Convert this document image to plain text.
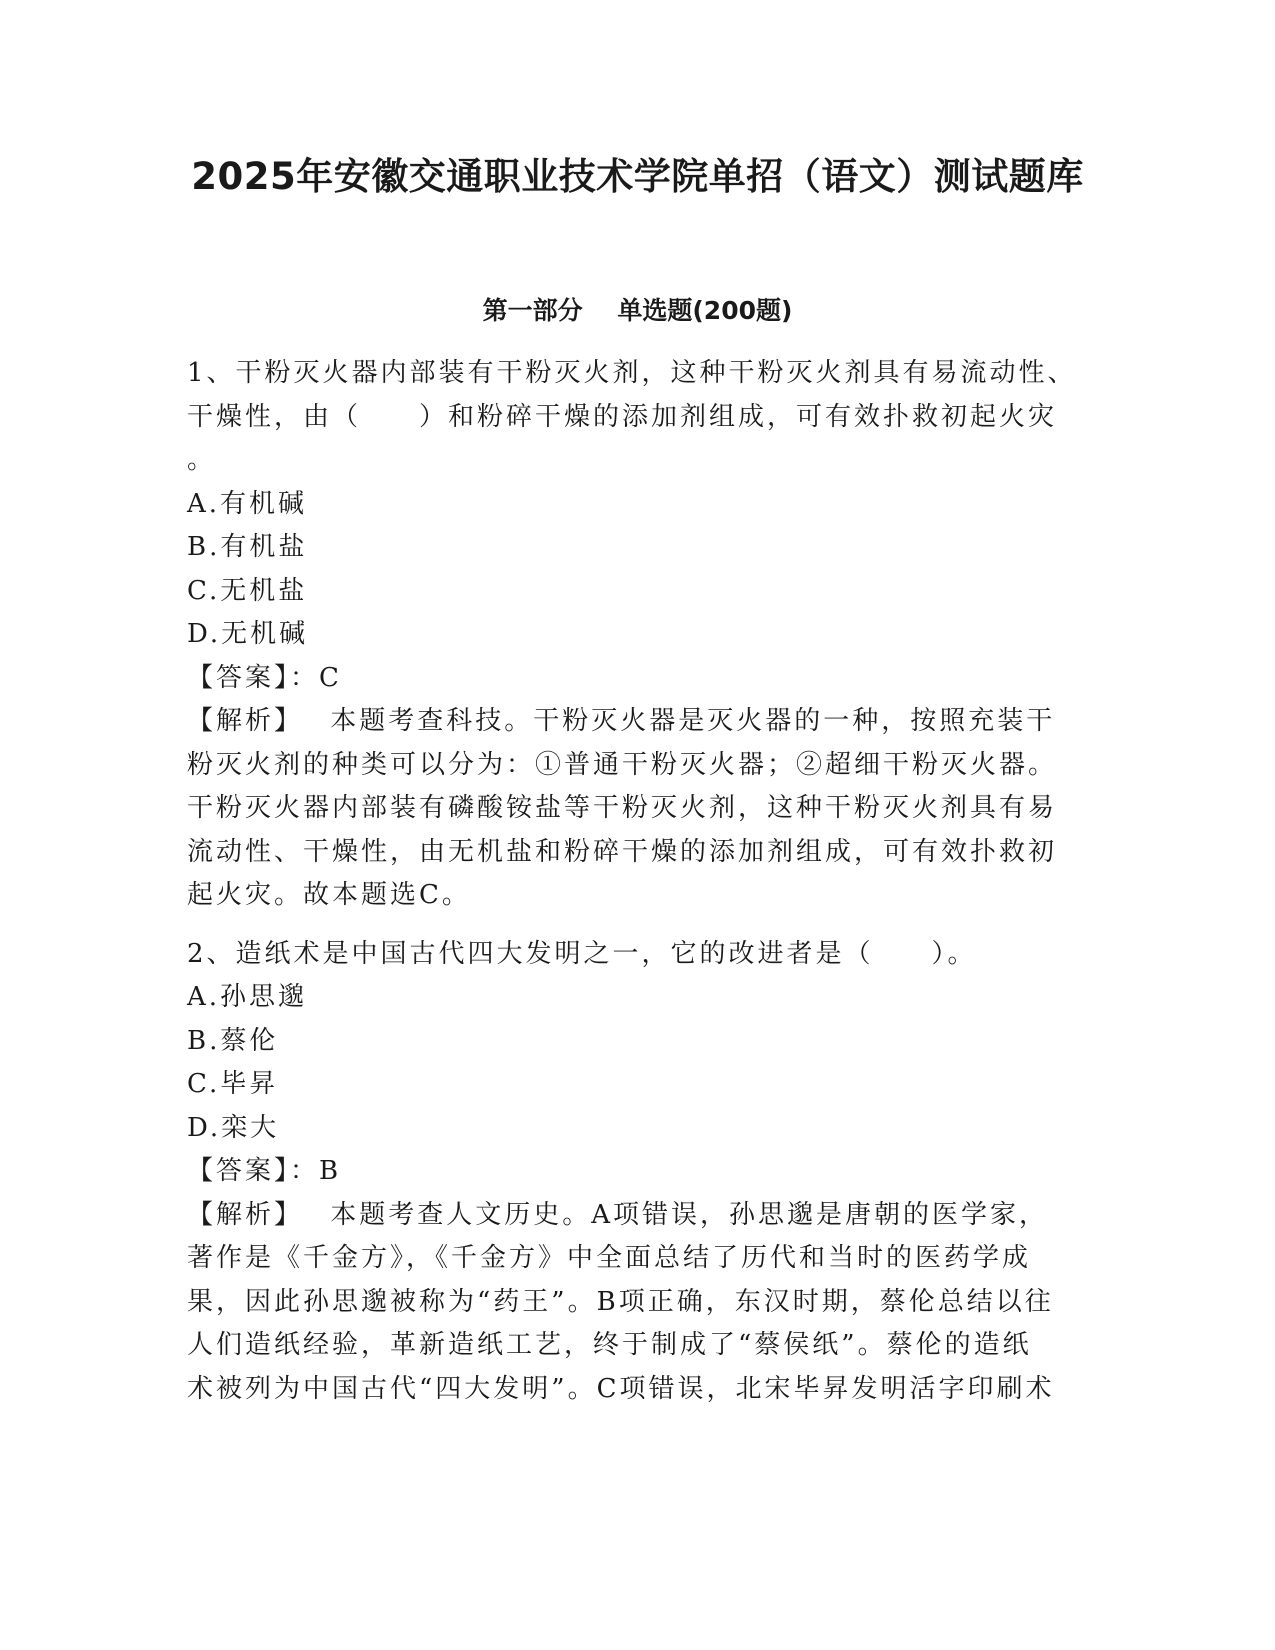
2025年安徽交通职业技术学院单招（语文）测试题库
第一部分    单选题(200题)
1、干粉灭火器内部装有干粉灭火剂，这种干粉灭火剂具有易流动性、
干燥性，由（　　）和粉碎干燥的添加剂组成，可有效扑救初起火灾
。
A.有机碱
B.有机盐
C.无机盐
D.无机碱
【答案】：C
【解析】　 本题考查科技。干粉灭火器是灭火器的一种，按照充装干
粉灭火剂的种类可以分为：①普通干粉灭火器；②超细干粉灭火器。
干粉灭火器内部装有磷酸铵盐等干粉灭火剂，这种干粉灭火剂具有易
流动性、干燥性，由无机盐和粉碎干燥的添加剂组成，可有效扑救初
起火灾。故本题选C。
2、造纸术是中国古代四大发明之一，它的改进者是（　　）。
A.孙思邈
B.蔡伦
C.毕昇
D.栾大
【答案】：B
【解析】　 本题考查人文历史。A项错误，孙思邈是唐朝的医学家，
著作是《千金方》，《千金方》中全面总结了历代和当时的医药学成
果，因此孙思邈被称为“药王”。B项正确，东汉时期，蔡伦总结以往
人们造纸经验，革新造纸工艺，终于制成了“蔡侯纸”。蔡伦的造纸
术被列为中国古代“四大发明”。C项错误，北宋毕昇发明活字印刷术
